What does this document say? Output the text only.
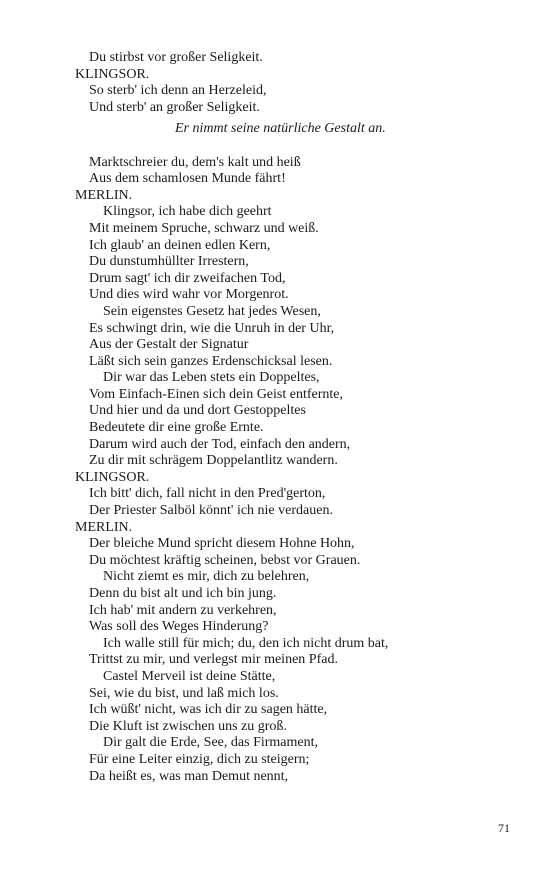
Du stirbst vor großer Seligkeit.
KLINGSOR.
So sterb' ich denn an Herzeleid,
Und sterb' an großer Seligkeit.
Er nimmt seine natürliche Gestalt an.
Marktschreier du, dem's kalt und heiß
Aus dem schamlosen Munde fährt!
MERLIN.
Klingsor, ich habe dich geehrt
Mit meinem Spruche, schwarz und weiß.
Ich glaub' an deinen edlen Kern,
Du dunstumhüllter Irrestern,
Drum sagt' ich dir zweifachen Tod,
Und dies wird wahr vor Morgenrot.
Sein eigenstes Gesetz hat jedes Wesen,
Es schwingt drin, wie die Unruh in der Uhr,
Aus der Gestalt der Signatur
Läßt sich sein ganzes Erdenschicksal lesen.
Dir war das Leben stets ein Doppeltes,
Vom Einfach-Einen sich dein Geist entfernte,
Und hier und da und dort Gestoppeltes
Bedeutete dir eine große Ernte.
Darum wird auch der Tod, einfach den andern,
Zu dir mit schrägem Doppelantlitz wandern.
KLINGSOR.
Ich bitt' dich, fall nicht in den Pred'gerton,
Der Priester Salböl könnt' ich nie verdauen.
MERLIN.
Der bleiche Mund spricht diesem Hohne Hohn,
Du möchtest kräftig scheinen, bebst vor Grauen.
Nicht ziemt es mir, dich zu belehren,
Denn du bist alt und ich bin jung.
Ich hab' mit andern zu verkehren,
Was soll des Weges Hinderung?
Ich walle still für mich; du, den ich nicht drum bat,
Trittst zu mir, und verlegst mir meinen Pfad.
Castel Merveil ist deine Stätte,
Sei, wie du bist, und laß mich los.
Ich wüßt' nicht, was ich dir zu sagen hätte,
Die Kluft ist zwischen uns zu groß.
Dir galt die Erde, See, das Firmament,
Für eine Leiter einzig, dich zu steigern;
Da heißt es, was man Demut nennt,
71
